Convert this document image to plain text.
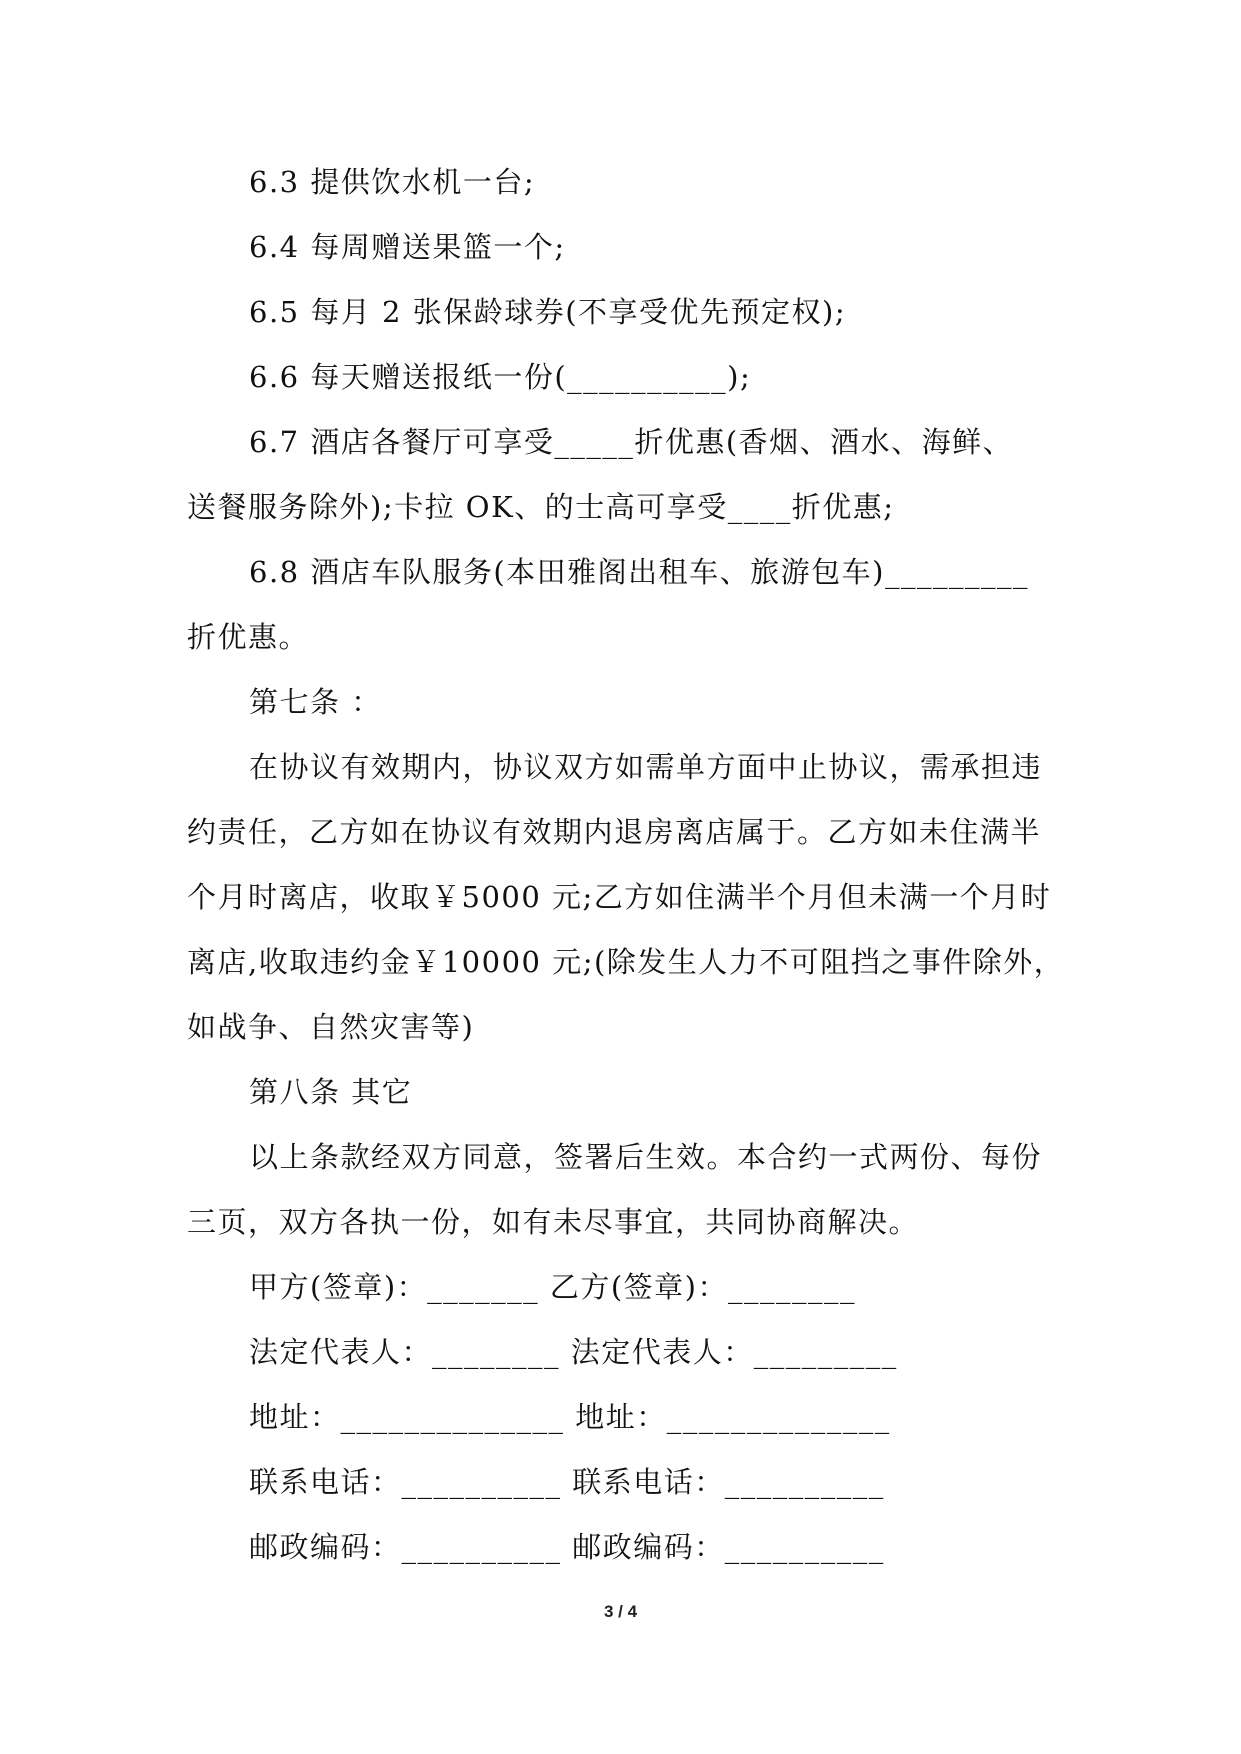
6.3 提供饮水机一台;
6.4 每周赠送果篮一个;
6.5 每月 2 张保龄球券(不享受优先预定权);
6.6 每天赠送报纸一份(__________);
6.7 酒店各餐厅可享受_____折优惠(香烟、酒水、海鲜、
送餐服务除外);卡拉 OK、的士高可享受____折优惠;
6.8 酒店车队服务(本田雅阁出租车、旅游包车)_________
折优惠。
第七条 ：
在协议有效期内，协议双方如需单方面中止协议，需承担违
约责任，乙方如在协议有效期内退房离店属于。乙方如未住满半
个月时离店，收取￥5000 元;乙方如住满半个月但未满一个月时
离店,收取违约金￥10000 元;(除发生人力不可阻挡之事件除外，
如战争、自然灾害等)
第八条 其它
以上条款经双方同意，签署后生效。本合约一式两份、每份
三页，双方各执一份，如有未尽事宜，共同协商解决。
甲方(签章)：_______ 乙方(签章)：________
法定代表人：________ 法定代表人：_________
地址：______________ 地址：______________
联系电话：__________ 联系电话：__________
邮政编码：__________ 邮政编码：__________
3 / 4
